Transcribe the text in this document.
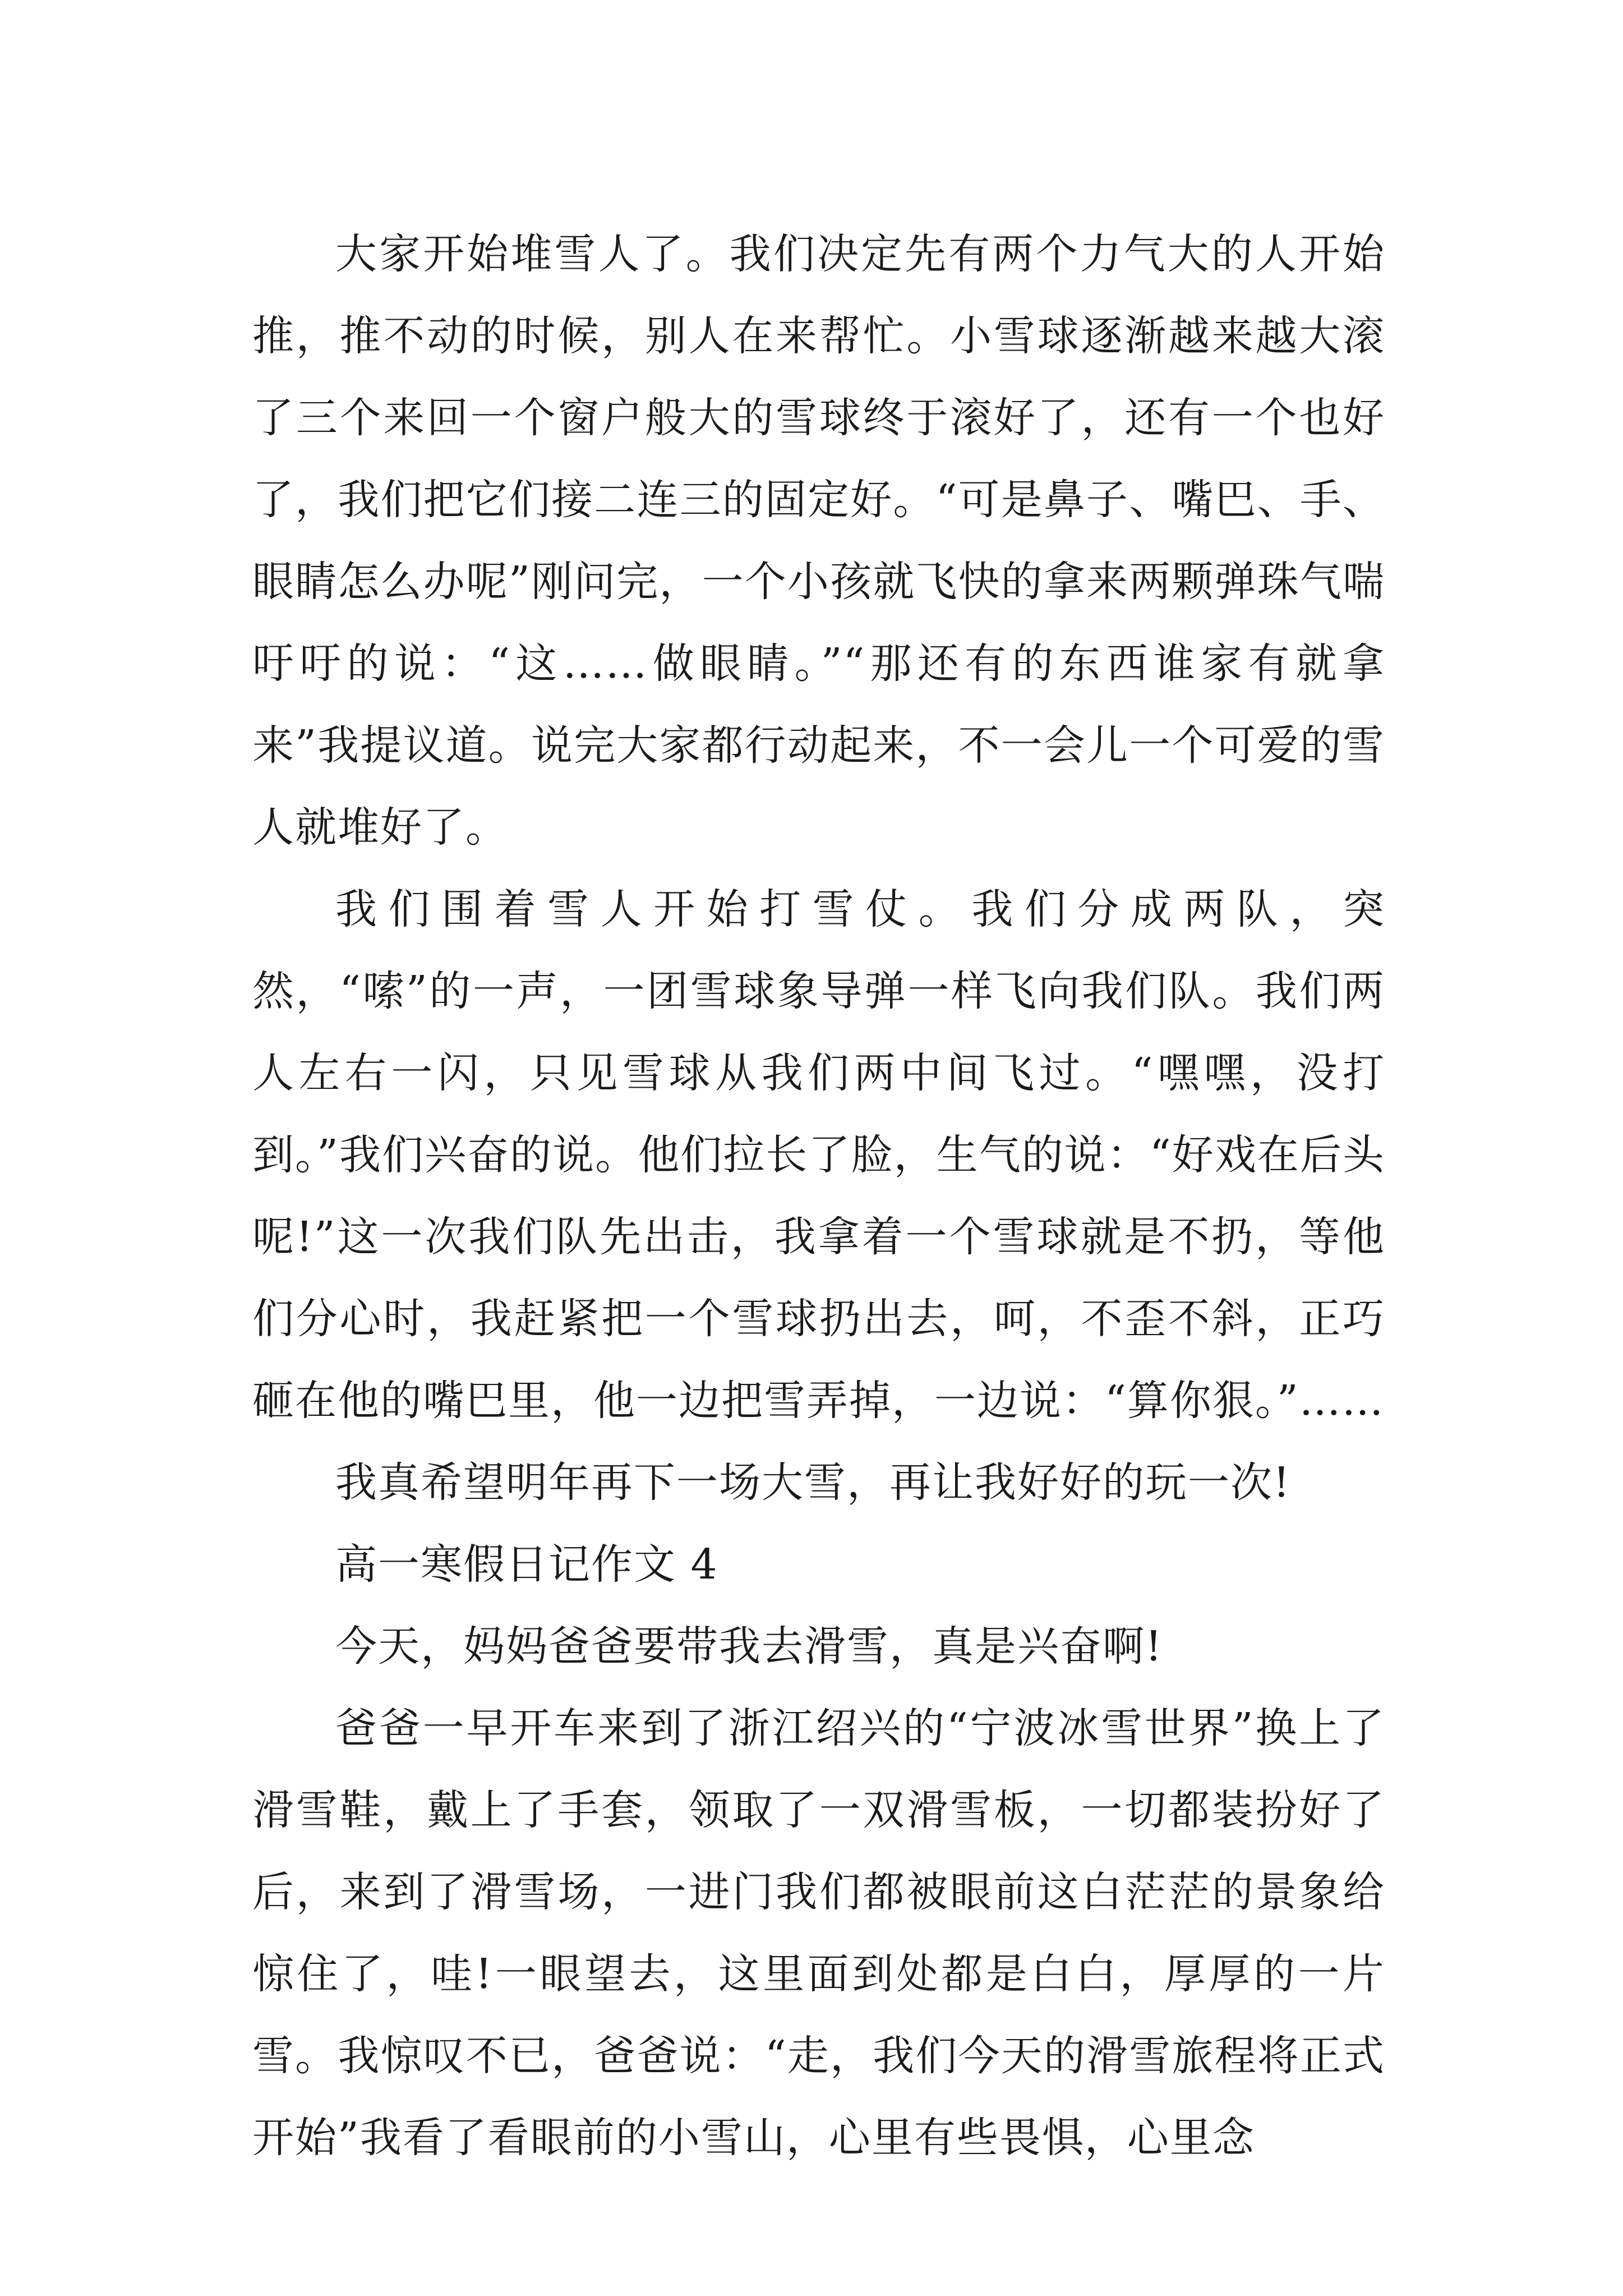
大家开始堆雪人了。我们决定先有两个力气大的人开始推，推不动的时候，别人在来帮忙。小雪球逐渐越来越大滚了三个来回一个窗户般大的雪球终于滚好了，还有一个也好了，我们把它们接二连三的固定好。“可是鼻子、嘴巴、手、眼睛怎么办呢”刚问完，一个小孩就飞快的拿来两颗弹珠气喘吁吁的说：“这……做眼睛。”“那还有的东西谁家有就拿来”我提议道。说完大家都行动起来，不一会儿一个可爱的雪人就堆好了。

我们围着雪人开始打雪仗。我们分成两队，突然，“嗦”的一声，一团雪球象导弹一样飞向我们队。我们两人左右一闪，只见雪球从我们两中间飞过。“嘿嘿，没打到。”我们兴奋的说。他们拉长了脸，生气的说：“好戏在后头呢!”这一次我们队先出击，我拿着一个雪球就是不扔，等他们分心时，我赶紧把一个雪球扔出去，呵，不歪不斜，正巧砸在他的嘴巴里，他一边把雪弄掉，一边说：“算你狠。”……

我真希望明年再下一场大雪，再让我好好的玩一次!

高一寒假日记作文 4

今天，妈妈爸爸要带我去滑雪，真是兴奋啊!

爸爸一早开车来到了浙江绍兴的“宁波冰雪世界”换上了滑雪鞋，戴上了手套，领取了一双滑雪板，一切都装扮好了后，来到了滑雪场，一进门我们都被眼前这白茫茫的景象给惊住了，哇!一眼望去，这里面到处都是白白，厚厚的一片雪。我惊叹不已，爸爸说：“走，我们今天的滑雪旅程将正式开始”我看了看眼前的小雪山，心里有些畏惧，心里念
